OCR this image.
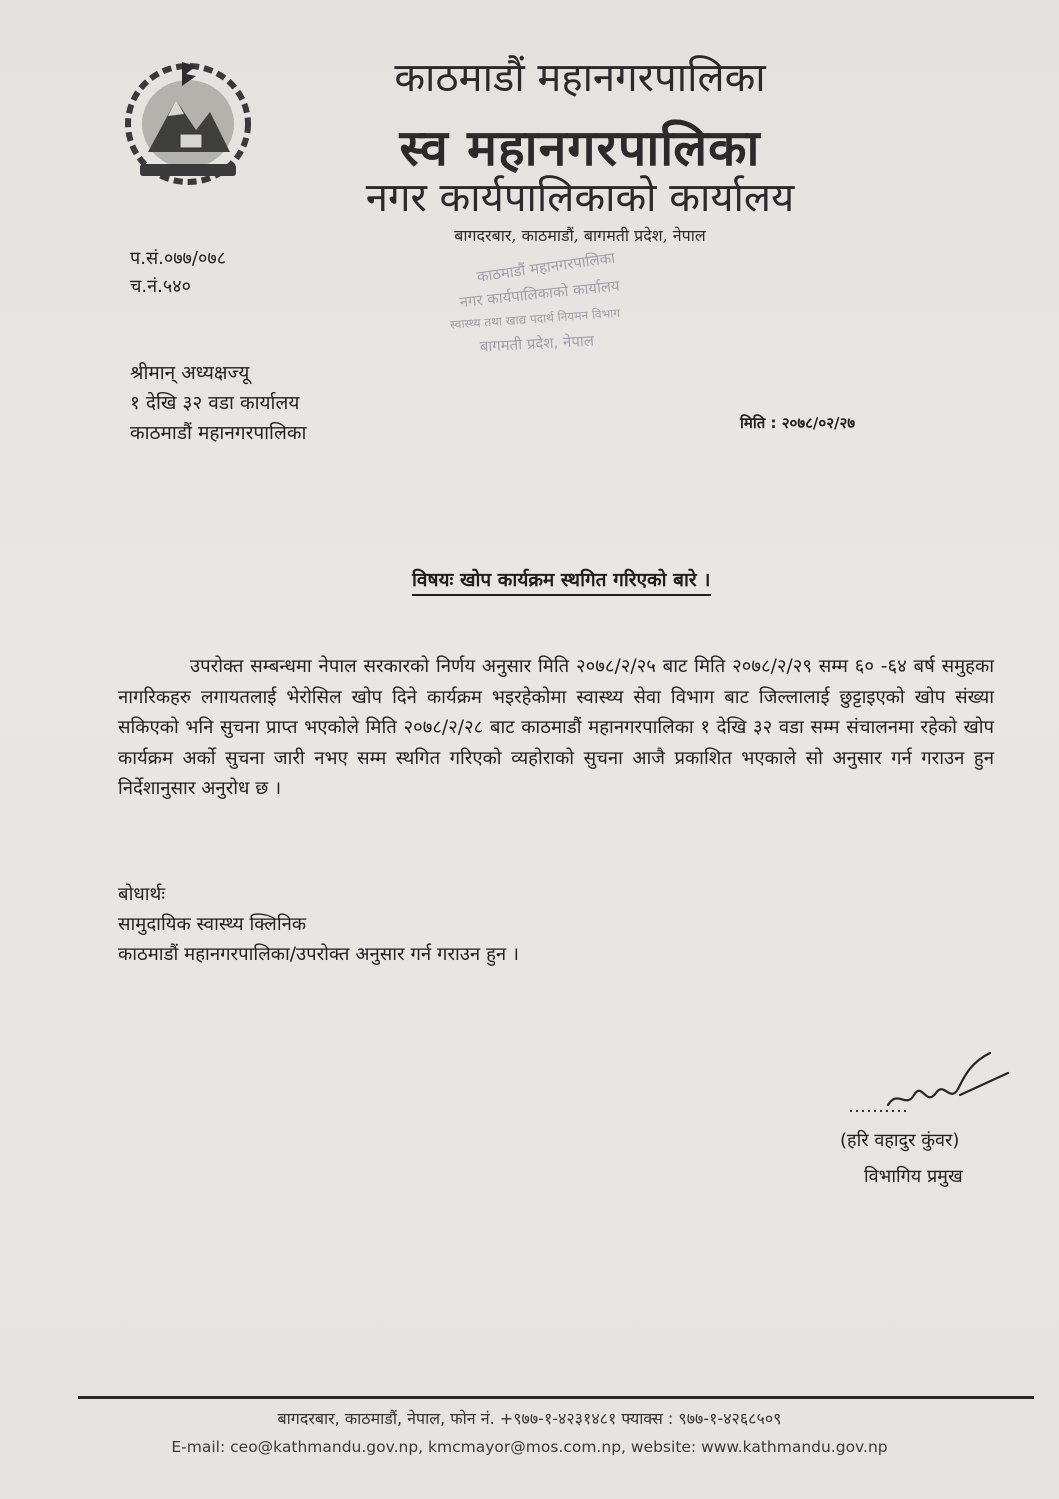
काठमाडौं महानगरपालिका
स्व महानगरपालिका
नगर कार्यपालिकाको कार्यालय
बागदरबार, काठमाडौं, बागमती प्रदेश, नेपाल
काठमाडौं महानगरपालिका
नगर कार्यपालिकाको कार्यालय
स्वास्थ्य तथा खाद्य पदार्थ नियमन विभाग
बागमती प्रदेश, नेपाल
प.सं.०७७/०७८
च.नं.५४०
श्रीमान् अध्यक्षज्यू
१ देखि ३२ वडा कार्यालय
काठमाडौं महानगरपालिका	मिति : २०७८/०२/२७
विषयः खोप कार्यक्रम स्थगित गरिएको बारे ।
उपरोक्त सम्बन्धमा नेपाल सरकारको निर्णय अनुसार मिति २०७८/२/२५ बाट मिति २०७८/२/२९ सम्म ६० -६४ बर्ष समुहका नागरिकहरु लगायतलाई भेरोसिल खोप दिने कार्यक्रम भइरहेकोमा स्वास्थ्य सेवा विभाग बाट जिल्लालाई छुट्टाइएको खोप संख्या सकिएको भनि सुचना प्राप्त भएकोले मिति २०७८/२/२८ बाट काठमाडौं महानगरपालिका १ देखि ३२ वडा सम्म संचालनमा रहेको खोप कार्यक्रम अर्को सुचना जारी नभए सम्म स्थगित गरिएको व्यहोराको सुचना आजै प्रकाशित भएकाले सो अनुसार गर्न गराउन हुन निर्देशानुसार अनुरोध छ ।
बोधार्थः
सामुदायिक स्वास्थ्य क्लिनिक
काठमाडौं महानगरपालिका/उपरोक्त अनुसार गर्न गराउन हुन ।
(हरि वहादुर कुंवर)
विभागिय प्रमुख
बागदरबार, काठमाडौं, नेपाल, फोन नं. +९७७-१-४२३१४८१ फ्याक्स : ९७७-१-४२६८५०९
E-mail: ceo@kathmandu.gov.np, kmcmayor@mos.com.np, website: www.kathmandu.gov.np
